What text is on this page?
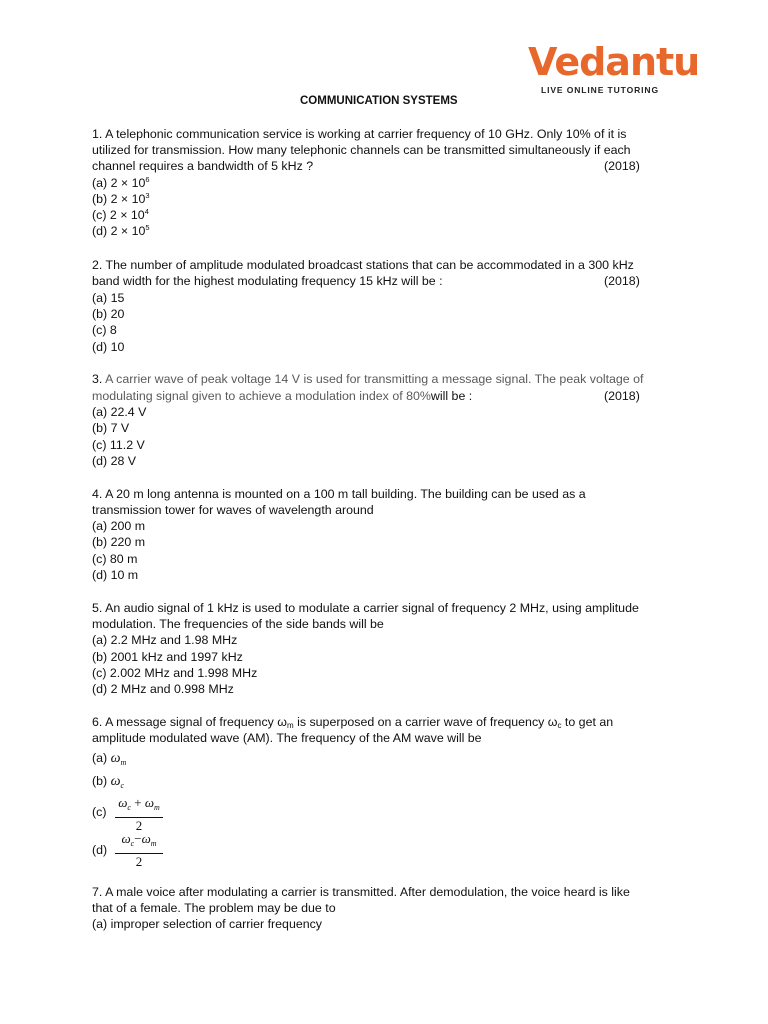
Vedantu
LIVE ONLINE TUTORING
COMMUNICATION SYSTEMS
1. A telephonic communication service is working at carrier frequency of 10 GHz. Only 10% of it is
utilized for transmission. How many telephonic channels can be transmitted simultaneously if each
channel requires a bandwidth of 5 kHz ?	(2018)
(a) $2 \times 10^6$
(b) $2 \times 10^3$
(c) $2 \times 10^4$
(d) $2 \times 10^5$
2. The number of amplitude modulated broadcast stations that can be accommodated in a 300 kHz
band width for the highest modulating frequency 15 kHz will be :	(2018)
(a) 15
(b) 20
(c) 8
(d) 10
3. A carrier wave of peak voltage 14 V is used for transmitting a message signal. The peak voltage of
modulating signal given to achieve a modulation index of 80%will be :	(2018)
(a) 22.4 V
(b) 7 V
(c) 11.2 V
(d) 28 V
4. A 20 m long antenna is mounted on a 100 m tall building. The building can be used as a
transmission tower for waves of wavelength around
(a) 200 m
(b) 220 m
(c) 80 m
(d) 10 m
5. An audio signal of 1 kHz is used to modulate a carrier signal of frequency 2 MHz, using amplitude
modulation. The frequencies of the side bands will be
(a) 2.2 MHz and 1.98 MHz
(b) 2001 kHz and 1997 kHz
(c) 2.002 MHz and 1.998 MHz
(d) 2 MHz and 0.998 MHz
6. A message signal of frequency $\omega_m$ is superposed on a carrier wave of frequency $\omega_c$ to get an
amplitude modulated wave (AM). The frequency of the AM wave will be
(a) $\omega_m$
(b) $\omega_c$
(c)
$\omega_c + \omega_m$
2
(d)
$\omega_c-\omega_m$
2
7. A male voice after modulating a carrier is transmitted. After demodulation, the voice heard is like
that of a female. The problem may be due to
(a) improper selection of carrier frequency
